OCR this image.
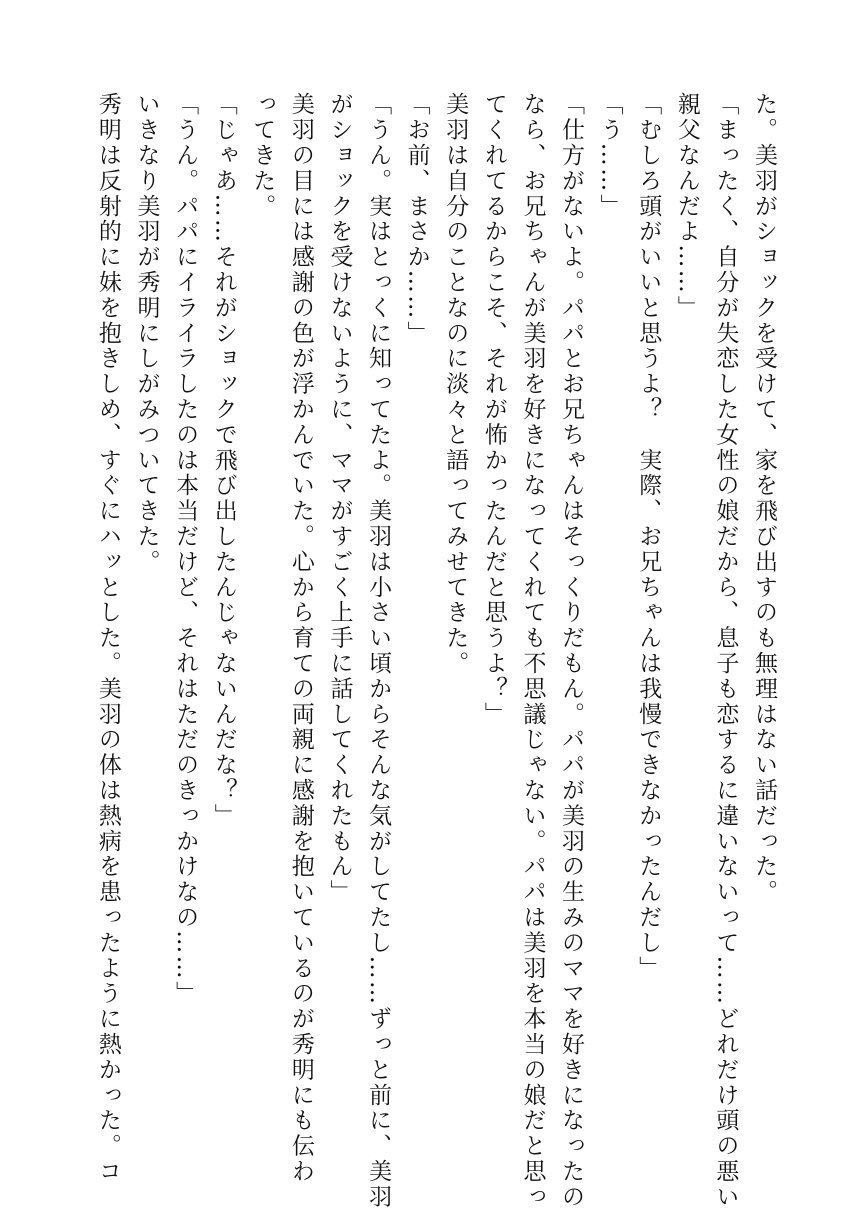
た。美羽がショックを受けて、家を飛び出すのも無理はない話だった。
「まったく、自分が失恋した女性の娘だから、息子も恋するに違いないって……どれだけ頭の悪い
親父なんだよ……」
「むしろ頭がいいと思うよ？　実際、お兄ちゃんは我慢できなかったんだし」
「う……」
「仕方がないよ。パパとお兄ちゃんはそっくりだもん。パパが美羽の生みのママを好きになったの
なら、お兄ちゃんが美羽を好きになってくれても不思議じゃない。パパは美羽を本当の娘だと思っ
てくれてるからこそ、それが怖かったんだと思うよ？」
美羽は自分のことなのに淡々と語ってみせてきた。
「お前、まさか……」
「うん。実はとっくに知ってたよ。美羽は小さい頃からそんな気がしてたし……ずっと前に、美羽
がショックを受けないように、ママがすごく上手に話してくれたもん」
美羽の目には感謝の色が浮かんでいた。心から育ての両親に感謝を抱いているのが秀明にも伝わ
ってきた。
「じゃあ……それがショックで飛び出したんじゃないんだな？」
「うん。パパにイライラしたのは本当だけど、それはただのきっかけなの……」
いきなり美羽が秀明にしがみついてきた。
秀明は反射的に妹を抱きしめ、すぐにハッとした。美羽の体は熱病を患ったように熱かった。コ
